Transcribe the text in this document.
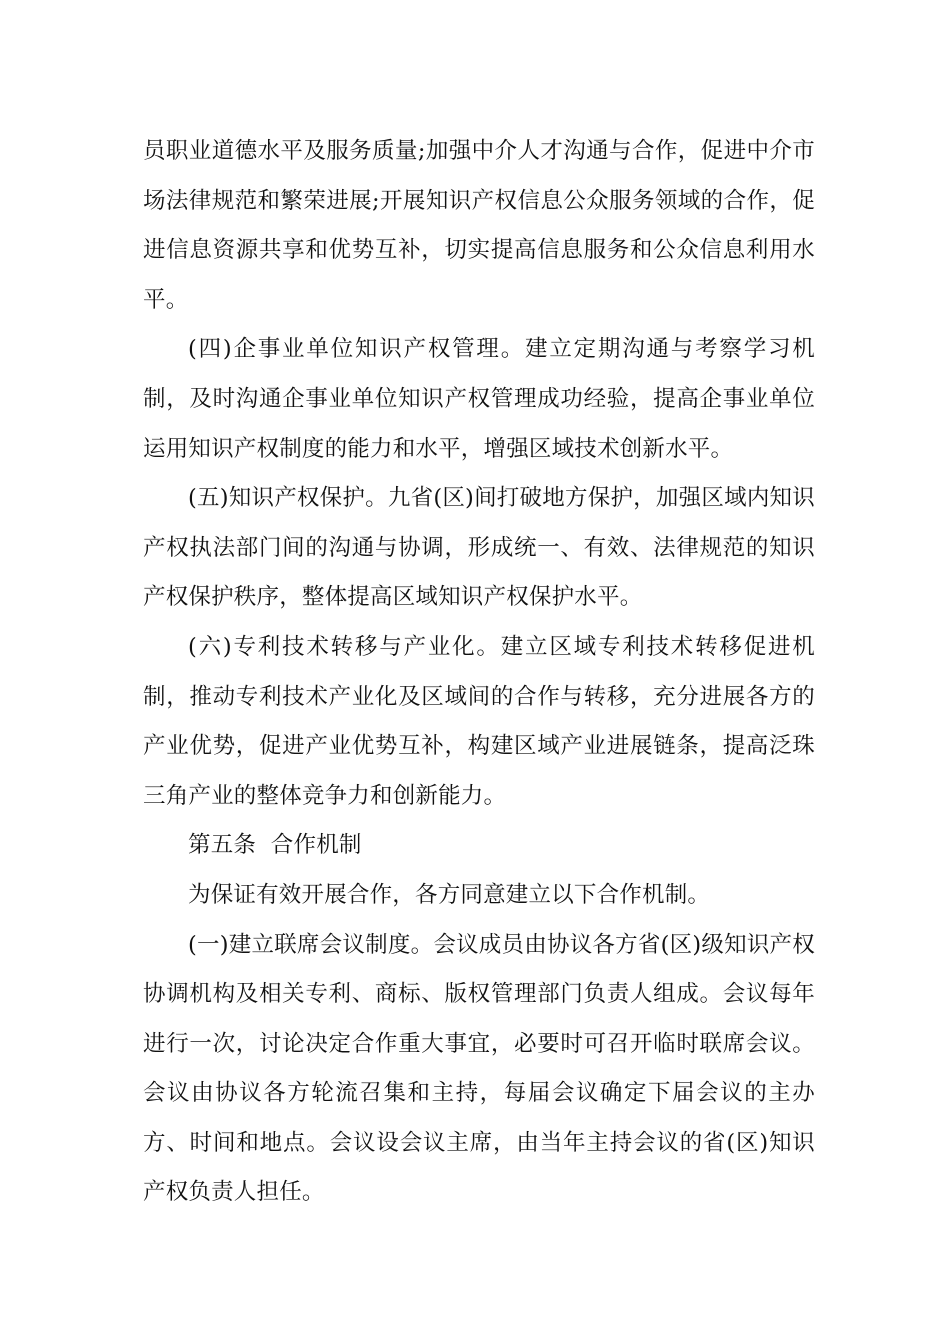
员职业道德水平及服务质量;加强中介人才沟通与合作，促进中介市场法律规范和繁荣进展;开展知识产权信息公众服务领域的合作，促进信息资源共享和优势互补，切实提高信息服务和公众信息利用水平。

(四)企事业单位知识产权管理。建立定期沟通与考察学习机制，及时沟通企事业单位知识产权管理成功经验，提高企事业单位运用知识产权制度的能力和水平，增强区域技术创新水平。

(五)知识产权保护。九省(区)间打破地方保护，加强区域内知识产权执法部门间的沟通与协调，形成统一、有效、法律规范的知识产权保护秩序，整体提高区域知识产权保护水平。

(六)专利技术转移与产业化。建立区域专利技术转移促进机制，推动专利技术产业化及区域间的合作与转移，充分进展各方的产业优势，促进产业优势互补，构建区域产业进展链条，提高泛珠三角产业的整体竞争力和创新能力。

第五条  合作机制

为保证有效开展合作，各方同意建立以下合作机制。

(一)建立联席会议制度。会议成员由协议各方省(区)级知识产权协调机构及相关专利、商标、版权管理部门负责人组成。会议每年进行一次，讨论决定合作重大事宜，必要时可召开临时联席会议。会议由协议各方轮流召集和主持，每届会议确定下届会议的主办方、时间和地点。会议设会议主席，由当年主持会议的省(区)知识产权负责人担任。
